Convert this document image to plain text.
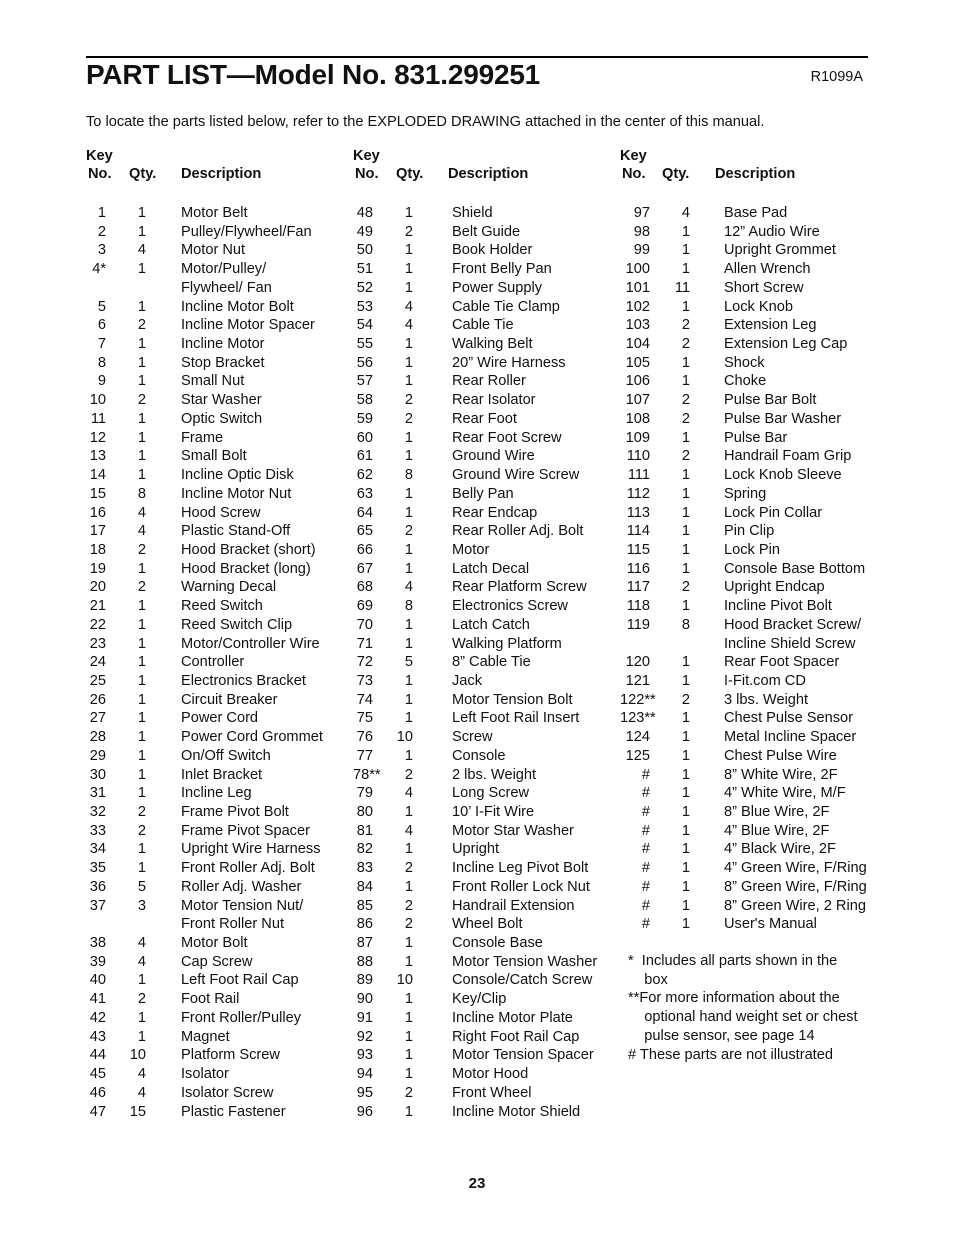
PART LIST—Model No. 831.299251	R1099A
To locate the parts listed below, refer to the EXPLODED DRAWING attached in the center of this manual.
Key
No. Qty. Description
Key
No. Qty. Description
Key
No. Qty. Description
1	1 Motor Belt
2	1 Pulley/Flywheel/Fan
3	4 Motor Nut
4*	1 Motor/Pulley/
Flywheel/ Fan
5	1 Incline Motor Bolt
6	2 Incline Motor Spacer
7	1 Incline Motor
8	1 Stop Bracket
9	1 Small Nut
10	2 Star Washer
11	1 Optic Switch
12	1 Frame
13	1 Small Bolt
14	1 Incline Optic Disk
15	8 Incline Motor Nut
16	4 Hood Screw
17	4 Plastic Stand-Off
18	2 Hood Bracket (short)
19	1 Hood Bracket (long)
20	2 Warning Decal
21	1 Reed Switch
22	1 Reed Switch Clip
23	1 Motor/Controller Wire
24	1 Controller
25	1 Electronics Bracket
26	1 Circuit Breaker
27	1 Power Cord
28	1 Power Cord Grommet
29	1 On/Off Switch
30	1 Inlet Bracket
31	1 Incline Leg
32	2 Frame Pivot Bolt
33	2 Frame Pivot Spacer
34	1 Upright Wire Harness
35	1 Front Roller Adj. Bolt
36	5 Roller Adj. Washer
37	3 Motor Tension Nut/
Front Roller Nut
38	4 Motor Bolt
39	4 Cap Screw
40	1 Left Foot Rail Cap
41	2 Foot Rail
42	1 Front Roller/Pulley
43	1 Magnet
44	10 Platform Screw
45	4 Isolator
46	4 Isolator Screw
47	15 Plastic Fastener
48	1	Shield
49	2	Belt Guide
50	1	Book Holder
51	1	Front Belly Pan
52	1	Power Supply
53	4	Cable Tie Clamp
54	4	Cable Tie
55	1	Walking Belt
56	1	20” Wire Harness
57	1	Rear Roller
58	2	Rear Isolator
59	2	Rear Foot
60	1	Rear Foot Screw
61	1	Ground Wire
62	8	Ground Wire Screw
63	1	Belly Pan
64	1	Rear Endcap
65	2	Rear Roller Adj. Bolt
66	1	Motor
67	1	Latch Decal
68	4	Rear Platform Screw
69	8	Electronics Screw
70	1	Latch Catch
71	1	Walking Platform
72	5	8” Cable Tie
73	1	Jack
74	1	Motor Tension Bolt
75	1	Left Foot Rail Insert
76	10	Screw
77	1	Console
78**	2	2 lbs. Weight
79	4	Long Screw
80	1	10’ I-Fit Wire
81	4	Motor Star Washer
82	1	Upright
83	2	Incline Leg Pivot Bolt
84	1	Front Roller Lock Nut
85	2	Handrail Extension
86	2	Wheel Bolt
87	1	Console Base
88	1	Motor Tension Washer
89	10	Console/Catch Screw
90	1	Key/Clip
91	1	Incline Motor Plate
92	1	Right Foot Rail Cap
93	1	Motor Tension Spacer
94	1	Motor Hood
95	2	Front Wheel
96	1	Incline Motor Shield
97	4 Base Pad
98	1 12” Audio Wire
99	1 Upright Grommet
100	1 Allen Wrench
101	11 Short Screw
102	1 Lock Knob
103	2 Extension Leg
104	2 Extension Leg Cap
105	1 Shock
106	1 Choke
107	2 Pulse Bar Bolt
108	2 Pulse Bar Washer
109	1 Pulse Bar
110	2 Handrail Foam Grip
111	1 Lock Knob Sleeve
112	1 Spring
113	1 Lock Pin Collar
114	1 Pin Clip
115	1 Lock Pin
116	1 Console Base Bottom
117	2 Upright Endcap
118	1 Incline Pivot Bolt
119	8 Hood Bracket Screw/
Incline Shield Screw
120	1 Rear Foot Spacer
121	1 I-Fit.com CD
122**	2 3 lbs. Weight
123**	1 Chest Pulse Sensor
124	1 Metal Incline Spacer
125	1 Chest Pulse Wire
#	1 8” White Wire, 2F
#	1 4” White Wire, M/F
#	1 8” Blue Wire, 2F
#	1 4” Blue Wire, 2F
#	1 4” Black Wire, 2F
#	1 4” Green Wire, F/Ring
#	1 8” Green Wire, F/Ring
#	1 8” Green Wire, 2 Ring
#	1 User's Manual
*  Includes all parts shown in the
box
**For more information about the
optional hand weight set or chest
pulse sensor, see page 14
# These parts are not illustrated
23
